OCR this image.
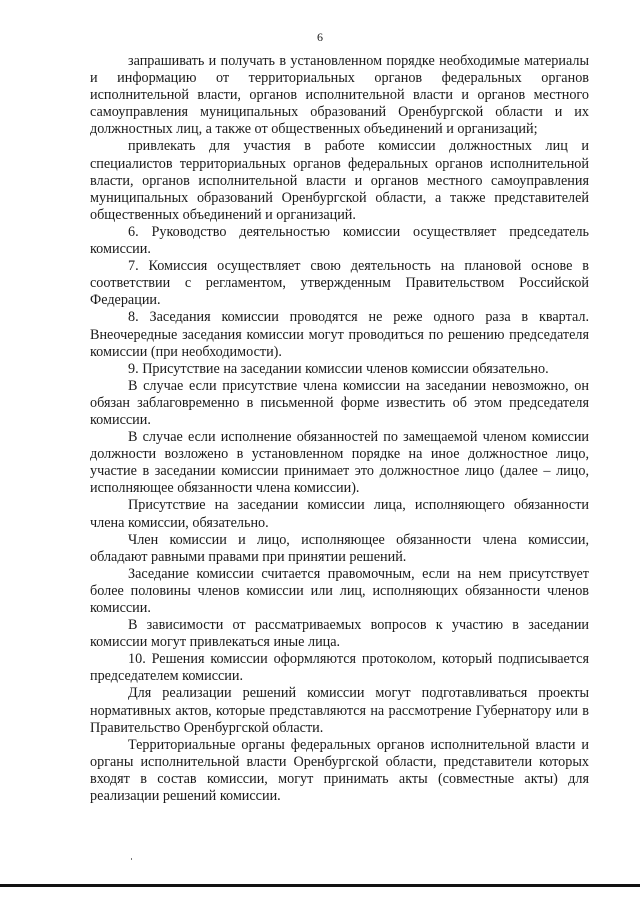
6

запрашивать и получать в установленном порядке необходимые материалы и информацию от территориальных органов федеральных органов исполнительной власти, органов исполнительной власти и органов местного самоуправления муниципальных образований Оренбургской области и их должностных лиц, а также от общественных объединений и организаций;

привлекать для участия в работе комиссии должностных лиц и специалистов территориальных органов федеральных органов исполнительной власти, органов исполнительной власти и органов местного самоуправления муниципальных образований Оренбургской области, а также представителей общественных объединений и организаций.

6. Руководство деятельностью комиссии осуществляет председатель комиссии.

7. Комиссия осуществляет свою деятельность на плановой основе в соответствии с регламентом, утвержденным Правительством Российской Федерации.

8. Заседания комиссии проводятся не реже одного раза в квартал. Внеочередные заседания комиссии могут проводиться по решению председателя комиссии (при необходимости).

9. Присутствие на заседании комиссии членов комиссии обязательно.

В случае если присутствие члена комиссии на заседании невозможно, он обязан заблаговременно в письменной форме известить об этом председателя комиссии.

В случае если исполнение обязанностей по замещаемой членом комиссии должности возложено в установленном порядке на иное должностное лицо, участие в заседании комиссии принимает это должностное лицо (далее – лицо, исполняющее обязанности члена комиссии).

Присутствие на заседании комиссии лица, исполняющего обязанности члена комиссии, обязательно.

Член комиссии и лицо, исполняющее обязанности члена комиссии, обладают равными правами при принятии решений.

Заседание комиссии считается правомочным, если на нем присутствует более половины членов комиссии или лиц, исполняющих обязанности членов комиссии.

В зависимости от рассматриваемых вопросов к участию в заседании комиссии могут привлекаться иные лица.

10. Решения комиссии оформляются протоколом, который подписывается председателем комиссии.

Для реализации решений комиссии могут подготавливаться проекты нормативных актов, которые представляются на рассмотрение Губернатору или в Правительство Оренбургской области.

Территориальные органы федеральных органов исполнительной власти и органы исполнительной власти Оренбургской области, представители которых входят в состав комиссии, могут принимать акты (совместные акты) для реализации решений комиссии.
